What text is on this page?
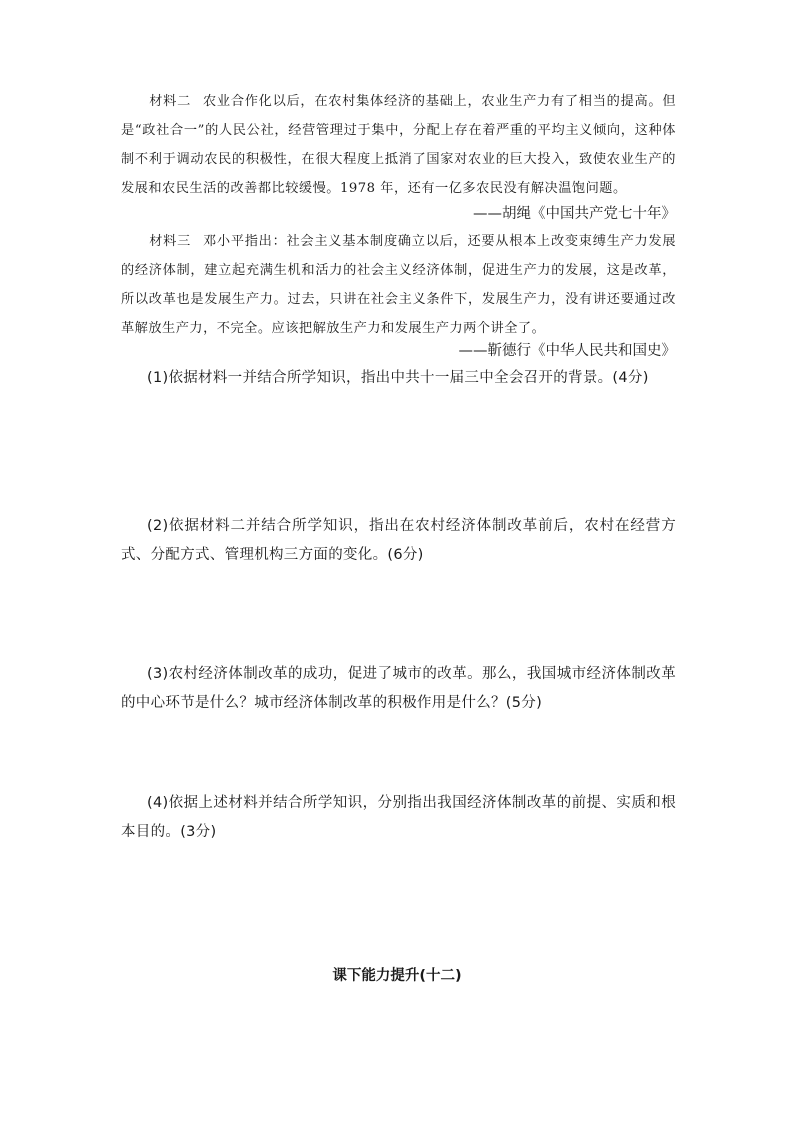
材料二 农业合作化以后，在农村集体经济的基础上，农业生产力有了相当的提高。但是“政社合一”的人民公社，经营管理过于集中，分配上存在着严重的平均主义倾向，这种体制不利于调动农民的积极性，在很大程度上抵消了国家对农业的巨大投入，致使农业生产的发展和农民生活的改善都比较缓慢。1978 年，还有一亿多农民没有解决温饱问题。
——胡绳《中国共产党七十年》
材料三 邓小平指出：社会主义基本制度确立以后，还要从根本上改变束缚生产力发展的经济体制，建立起充满生机和活力的社会主义经济体制，促进生产力的发展，这是改革，所以改革也是发展生产力。过去，只讲在社会主义条件下，发展生产力，没有讲还要通过改革解放生产力，不完全。应该把解放生产力和发展生产力两个讲全了。
——靳德行《中华人民共和国史》
(1)依据材料一并结合所学知识，指出中共十一届三中全会召开的背景。(4分)
(2)依据材料二并结合所学知识，指出在农村经济体制改革前后，农村在经营方式、分配方式、管理机构三方面的变化。(6分)
(3)农村经济体制改革的成功，促进了城市的改革。那么，我国城市经济体制改革的中心环节是什么？城市经济体制改革的积极作用是什么？(5分)
(4)依据上述材料并结合所学知识，分别指出我国经济体制改革的前提、实质和根本目的。(3分)
课下能力提升(十二)
